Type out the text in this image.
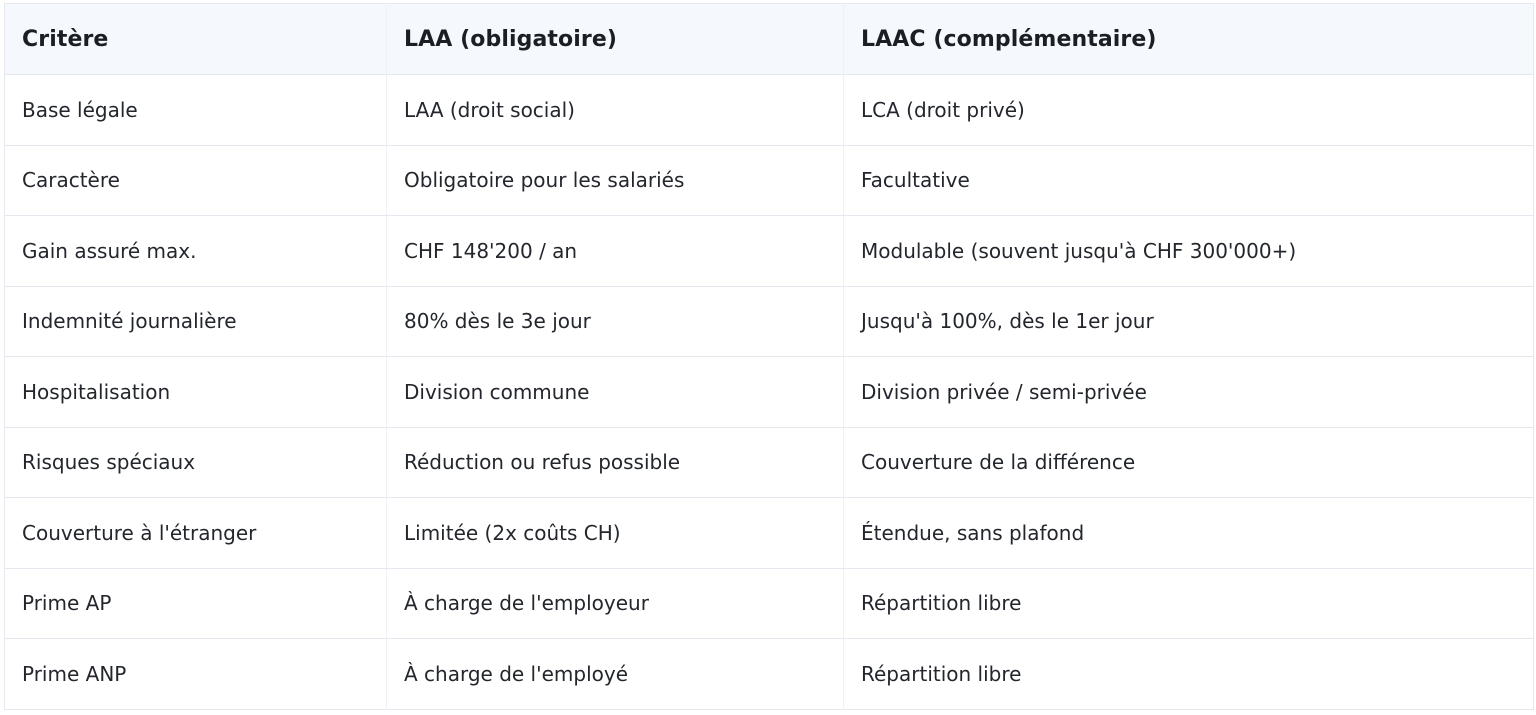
Critère	LAA (obligatoire)	LAAC (complémentaire)
Base légale	LAA (droit social)	LCA (droit privé)
Caractère	Obligatoire pour les salariés	Facultative
Gain assuré max.	CHF 148'200 / an	Modulable (souvent jusqu'à CHF 300'000+)
Indemnité journalière	80% dès le 3e jour	Jusqu'à 100%, dès le 1er jour
Hospitalisation	Division commune	Division privée / semi-privée
Risques spéciaux	Réduction ou refus possible	Couverture de la différence
Couverture à l'étranger	Limitée (2x coûts CH)	Étendue, sans plafond
Prime AP	À charge de l'employeur	Répartition libre
Prime ANP	À charge de l'employé	Répartition libre
